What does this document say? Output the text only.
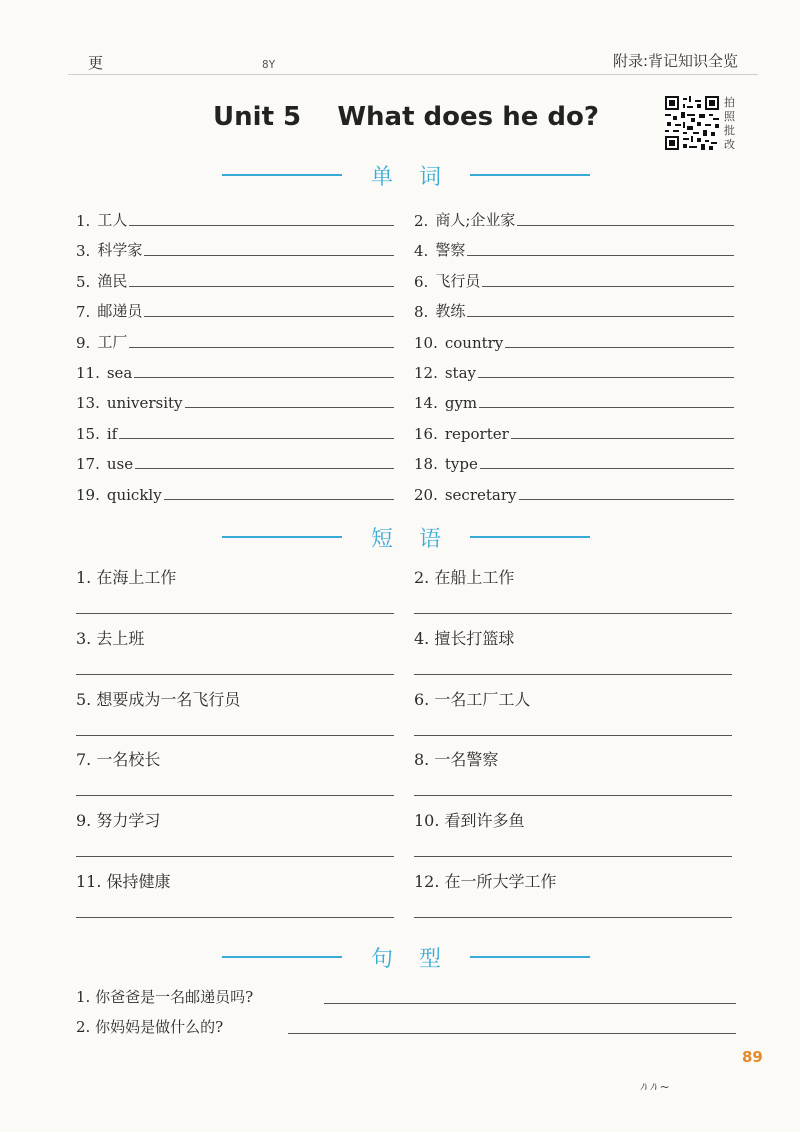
更	8Y	附录:背记知识全览
Unit 5    What does he do?	拍
照
批
改
单词
1. 工人	2. 商人;企业家
3. 科学家	4. 警察
5. 渔民	6. 飞行员
7. 邮递员	8. 教练
9. 工厂	10. country
11. sea	12. stay
13. university	14. gym
15. if	16. reporter
17. use	18. type
19. quickly	20. secretary
短语
1. 在海上工作	2. 在船上工作
3. 去上班	4. 擅长打篮球
5. 想要成为一名飞行员	6. 一名工厂工人
7. 一名校长	8. 一名警察
9. 努力学习	10. 看到许多鱼
11. 保持健康	12. 在一所大学工作
句型
1. 你爸爸是一名邮递员吗?
2. 你妈妈是做什么的?
89
ﾊ ﾊ ~
